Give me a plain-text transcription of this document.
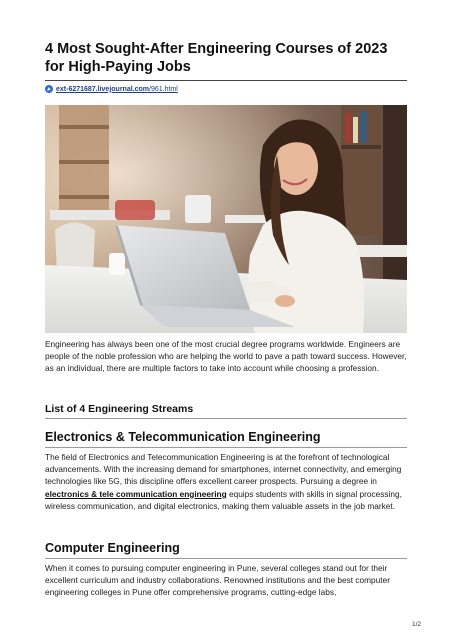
4 Most Sought-After Engineering Courses of 2023 for High-Paying Jobs
ext-6271687.livejournal.com /961.html

Engineering has always been one of the most crucial degree programs worldwide. Engineers are people of the noble profession who are helping the world to pave a path toward success. However, as an individual, there are multiple factors to take into account while choosing a profession.

List of 4 Engineering Streams
Electronics & Telecommunication Engineering

The field of Electronics and Telecommunication Engineering is at the forefront of technological advancements. With the increasing demand for smartphones, internet connectivity, and emerging technologies like 5G, this discipline offers excellent career prospects. Pursuing a degree in electronics & tele communication engineering equips students with skills in signal processing, wireless communication, and digital electronics, making them valuable assets in the job market.

Computer Engineering

When it comes to pursuing computer engineering in Pune, several colleges stand out for their excellent curriculum and industry collaborations. Renowned institutions and the best computer engineering colleges in Pune offer comprehensive programs, cutting-edge labs,

1/2
